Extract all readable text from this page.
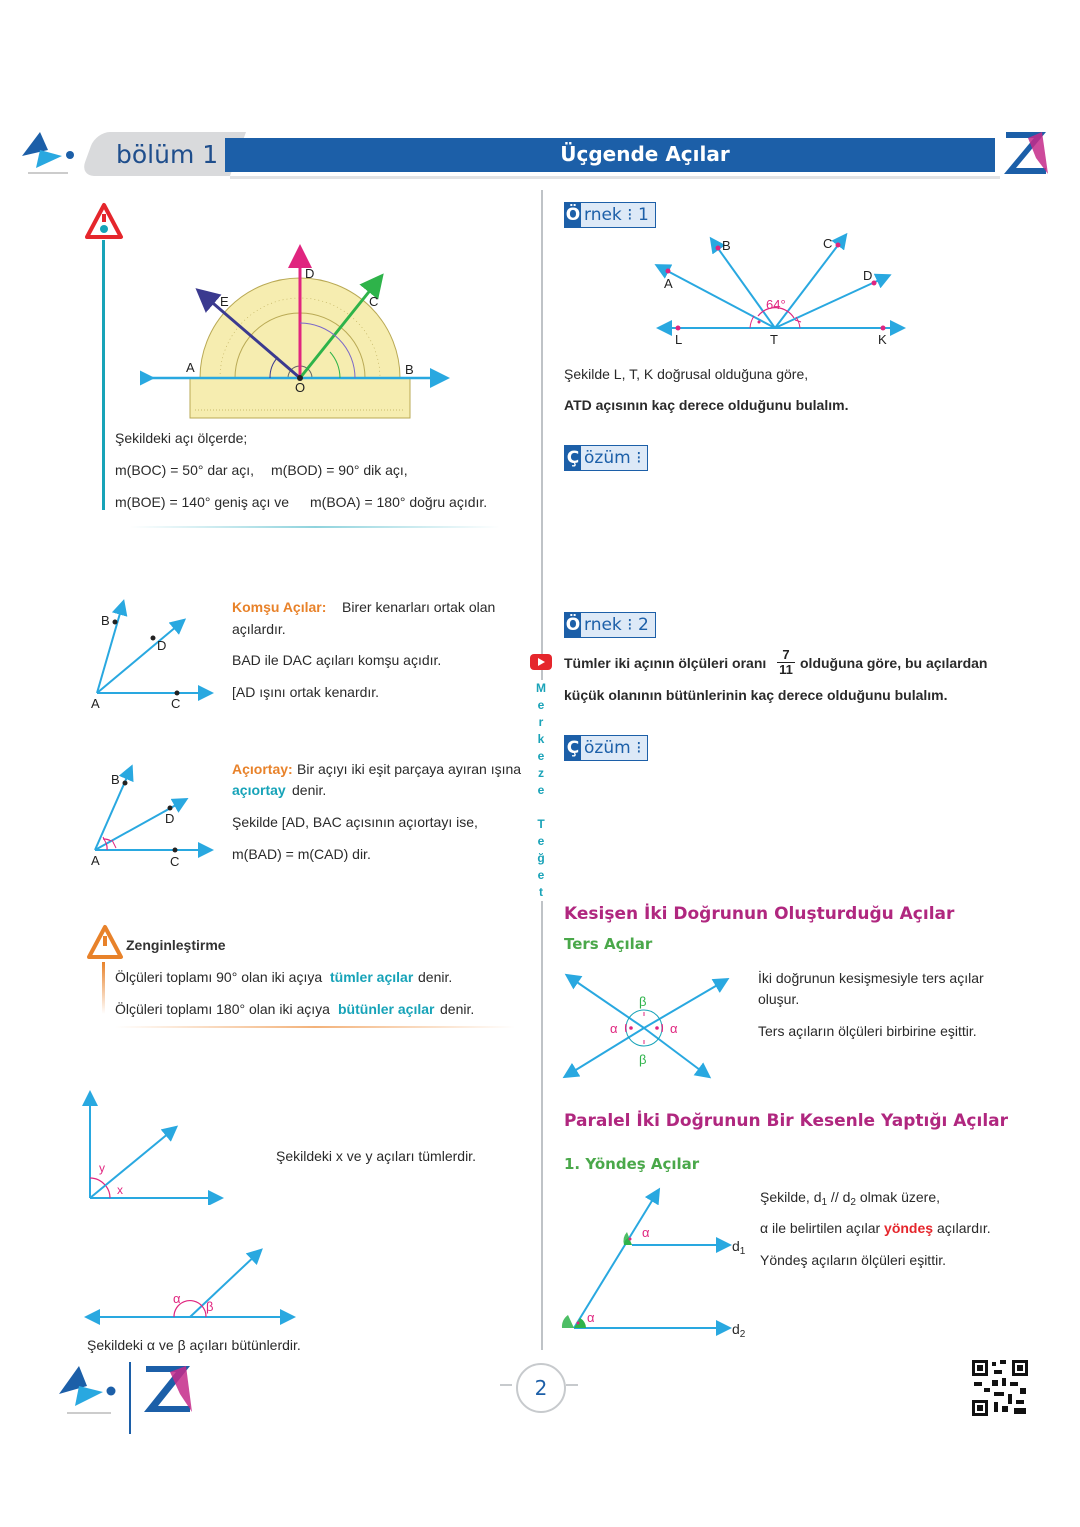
bölüm 1	Üçgende Açılar
A	B
C
D
E
O
Şekildeki açı ölçerde;
m(BOC) = 50° dar açı, m(BOD) = 90° dik açı,
m(BOE) = 140° geniş açı ve m(BOA) = 180° doğru açıdır.
B
D
A	C
Komşu Açılar: Birer kenarları ortak olan
açılardır.
BAD ile DAC açıları komşu açıdır.
[AD ışını ortak kenardır.
B
D
A	C
Açıortay: Bir açıyı iki eşit parçaya ayıran ışına
açıortay denir.
Şekilde [AD, BAC açısının açıortayı ise,
m(BAD) = m(CAD) dir.
Zenginleştirme
Ölçüleri toplamı 90° olan iki açıya tümler açılar denir.
Ölçüleri toplamı 180° olan iki açıya bütünler açılar denir.
y
x
Şekildeki x ve y açıları tümlerdir.
α
β
Şekildeki α ve β açıları bütünlerdir.
Ö rnek ⁝ 1
A
B	C
D
L	T	K
64°
Şekilde L, T, K doğrusal olduğuna göre,
ATD açısının kaç derece olduğunu bulalım.
Ç özüm ⁝
Ö rnek ⁝ 2
Tümler iki açının ölçüleri oranı $\frac{7}{11}$ olduğuna göre, bu açılardan
küçük olanının bütünlerinin kaç derece olduğunu bulalım.
Ç özüm ⁝
M
e
r
k
e
z
e
T
e
ğ
e
t
Kesişen İki Doğrunun Oluşturduğu Açılar
Ters Açılar
α	α
β
β
İki doğrunun kesişmesiyle ters açılar
oluşur.
Ters açıların ölçüleri birbirine eşittir.
Paralel İki Doğrunun Bir Kesenle Yaptığı Açılar
1. Yöndeş Açılar
α
α
$d_1$
$d_2$
Şekilde, $d_1 // d_2$ olmak üzere,
α ile belirtilen açılar yöndeş açılardır.
Yöndeş açıların ölçüleri eşittir.
2
